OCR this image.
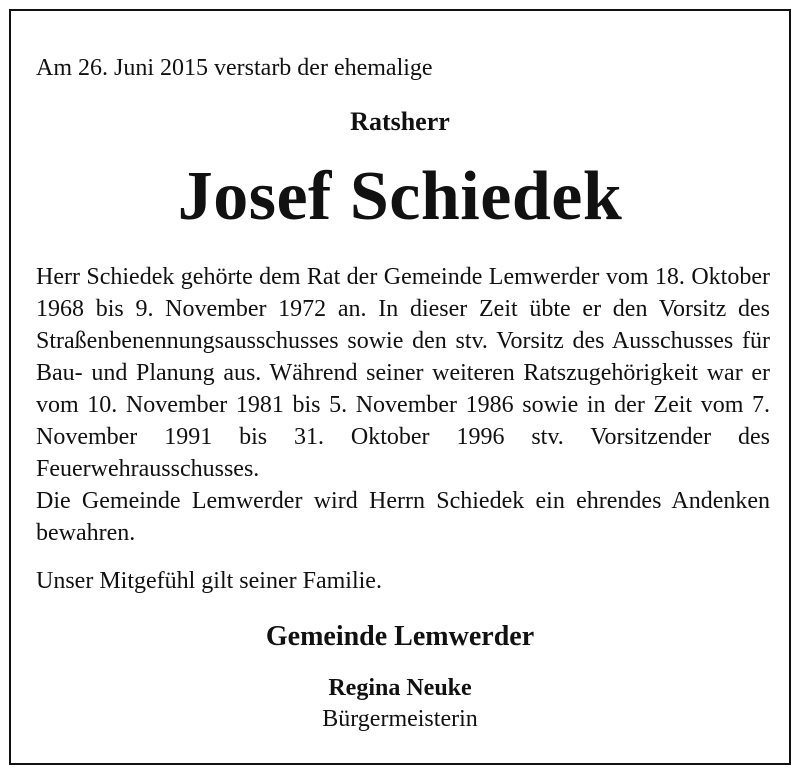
Am 26. Juni 2015 verstarb der ehemalige
Ratsherr
Josef Schiedek

Herr Schiedek gehörte dem Rat der Gemeinde Lemwerder vom 18. Oktober 1968 bis 9. November 1972 an. In dieser Zeit übte er den Vorsitz des Straßenbenennungsausschusses sowie den stv. Vorsitz des Ausschusses für Bau- und Planung aus. Während seiner weiteren Ratszugehörigkeit war er vom 10. November 1981 bis 5. November 1986 sowie in der Zeit vom 7. November 1991 bis 31. Oktober 1996 stv. Vorsitzender des Feuerwehrausschusses.

Die Gemeinde Lemwerder wird Herrn Schiedek ein ehrendes Andenken bewahren.

Unser Mitgefühl gilt seiner Familie.

Gemeinde Lemwerder
Regina Neuke
Bürgermeisterin
